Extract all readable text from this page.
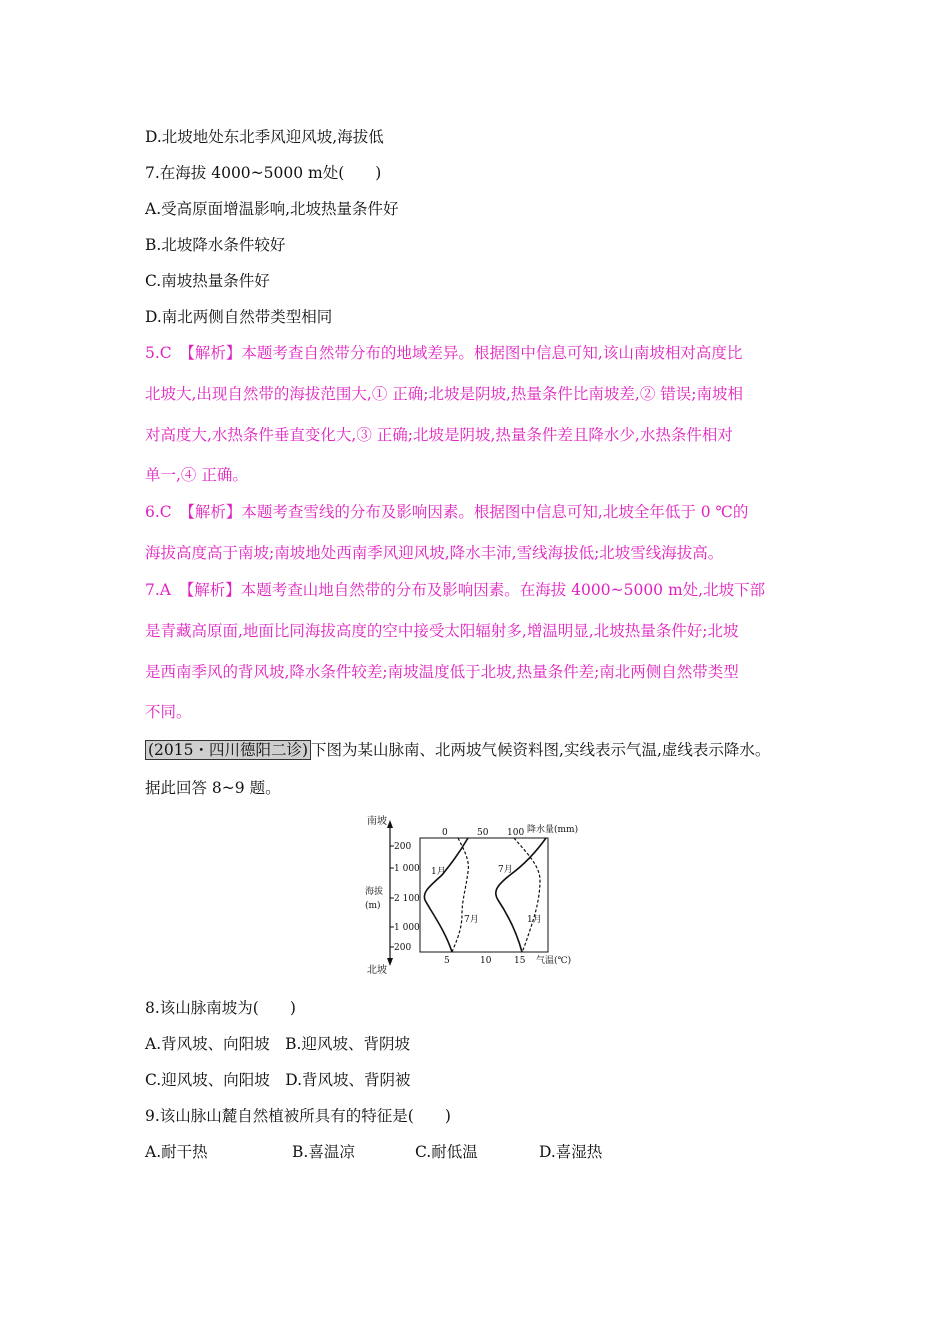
D.北坡地处东北季风迎风坡,海拔低
7.在海拔 4000~5000 m处(　　)
A.受高原面增温影响,北坡热量条件好
B.北坡降水条件较好
C.南坡热量条件好
D.南北两侧自然带类型相同
5.C　【解析】本题考查自然带分布的地域差异。根据图中信息可知,该山南坡相对高度比
北坡大,出现自然带的海拔范围大,① 正确;北坡是阴坡,热量条件比南坡差,② 错误;南坡相
对高度大,水热条件垂直变化大,③ 正确;北坡是阴坡,热量条件差且降水少,水热条件相对
单一,④ 正确。
6.C　【解析】本题考查雪线的分布及影响因素。根据图中信息可知,北坡全年低于 0 ℃的
海拔高度高于南坡;南坡地处西南季风迎风坡,降水丰沛,雪线海拔低;北坡雪线海拔高。
7.A　【解析】本题考查山地自然带的分布及影响因素。在海拔 4000~5000 m处,北坡下部
是青藏高原面,地面比同海拔高度的空中接受太阳辐射多,增温明显,北坡热量条件好;北坡
是西南季风的背风坡,降水条件较差;南坡温度低于北坡,热量条件差;南北两侧自然带类型
不同。
(2015・四川德阳二诊) 下图为某山脉南、北两坡气候资料图,实线表示气温,虚线表示降水。
据此回答 8~9 题。
南坡
北坡
海拔
(m)
200
1 000
2 100
1 000
200
0	50 100 降水量(mm)
5	10	15 气温(℃)
1月	7月
7月	1月
8.该山脉南坡为(　　)
A.背风坡、向阳坡　B.迎风坡、背阴坡
C.迎风坡、向阳坡　D.背风坡、背阴被
9.该山脉山麓自然植被所具有的特征是(　　)
A.耐干热	B.喜温凉	C.耐低温	D.喜湿热
